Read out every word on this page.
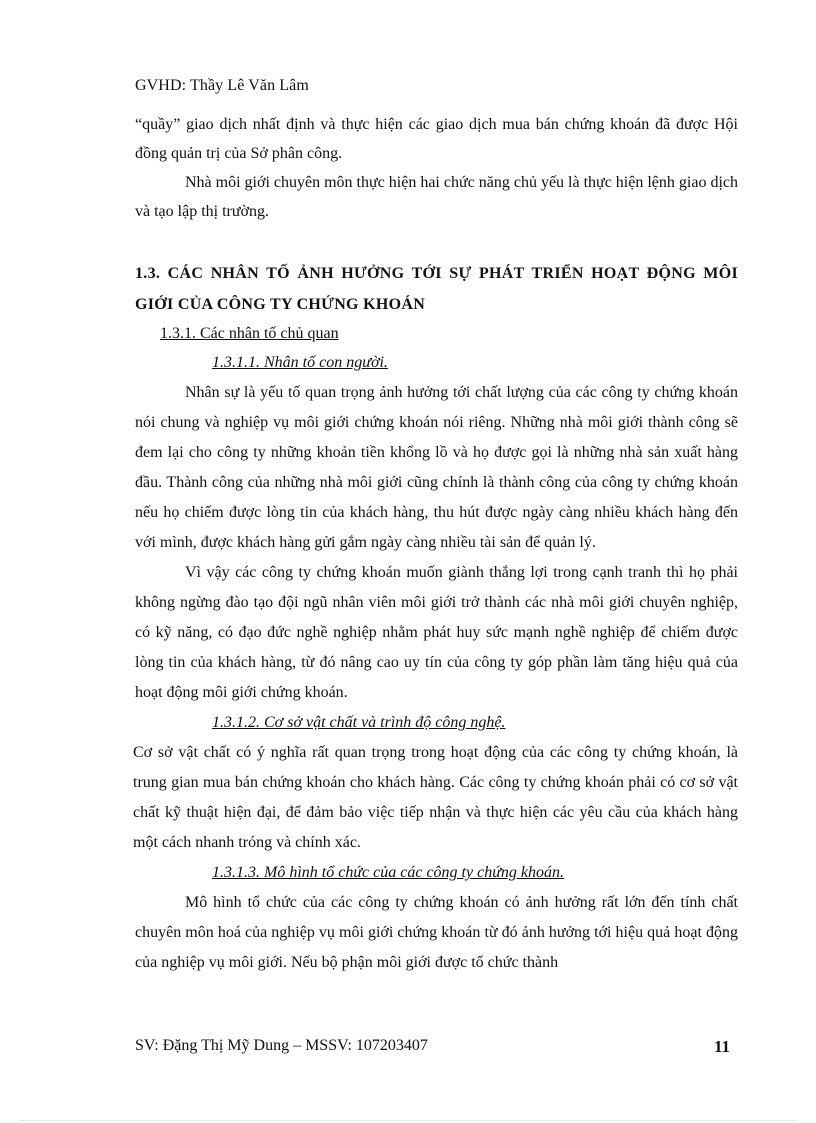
GVHD: Thầy Lê Văn Lâm

“quầy” giao dịch nhất định và thực hiện các giao dịch mua bán chứng khoán đã được Hội đồng quản trị của Sở phân công.

Nhà môi giới chuyên môn thực hiện hai chức năng chủ yếu là thực hiện lệnh giao dịch và tạo lập thị trường.

1.3. CÁC NHÂN TỐ ẢNH HƯỞNG TỚI SỰ PHÁT TRIỂN HOẠT ĐỘNG MÔI GIỚI CỦA CÔNG TY CHỨNG KHOÁN

1.3.1. Các nhân tố chủ quan
1.3.1.1. Nhân tố con người.

Nhân sự là yếu tố quan trọng ảnh hưởng tới chất lượng của các công ty chứng khoán nói chung và nghiệp vụ môi giới chứng khoán nói riêng. Những nhà môi giới thành công sẽ đem lại cho công ty những khoản tiền khổng lồ và họ được gọi là những nhà sản xuất hàng đầu. Thành công của những nhà môi giới cũng chính là thành công của công ty chứng khoán nếu họ chiếm được lòng tin của khách hàng, thu hút được ngày càng nhiều khách hàng đến với mình, được khách hàng gửi gắm ngày càng nhiều tài sản để quản lý.

Vì vậy các công ty chứng khoán muốn giành thắng lợi trong cạnh tranh thì họ phải không ngừng đào tạo đội ngũ nhân viên môi giới trở thành các nhà môi giới chuyên nghiệp, có kỹ năng, có đạo đức nghề nghiệp nhằm phát huy sức mạnh nghề nghiệp để chiếm được lòng tin của khách hàng, từ đó nâng cao uy tín của công ty góp phần làm tăng hiệu quả của hoạt động môi giới chứng khoán.

1.3.1.2. Cơ sở vật chất và trình độ công nghệ.

Cơ sở vật chất có ý nghĩa rất quan trọng trong hoạt động của các công ty chứng khoán, là trung gian mua bán chứng khoán cho khách hàng. Các công ty chứng khoán phải có cơ sở vật chất kỹ thuật hiện đại, để đảm bảo việc tiếp nhận và thực hiện các yêu cầu của khách hàng một cách nhanh tróng và chính xác.

1.3.1.3. Mô hình tổ chức của các công ty chứng khoán.

Mô hình tổ chức của các công ty chứng khoán có ảnh hưởng rất lớn đến tính chất chuyên môn hoá của nghiệp vụ môi giới chứng khoán từ đó ảnh hưởng tới hiệu quả hoạt động của nghiệp vụ môi giới. Nếu bộ phận môi giới được tổ chức thành

SV: Đặng Thị Mỹ Dung – MSSV: 107203407	11
